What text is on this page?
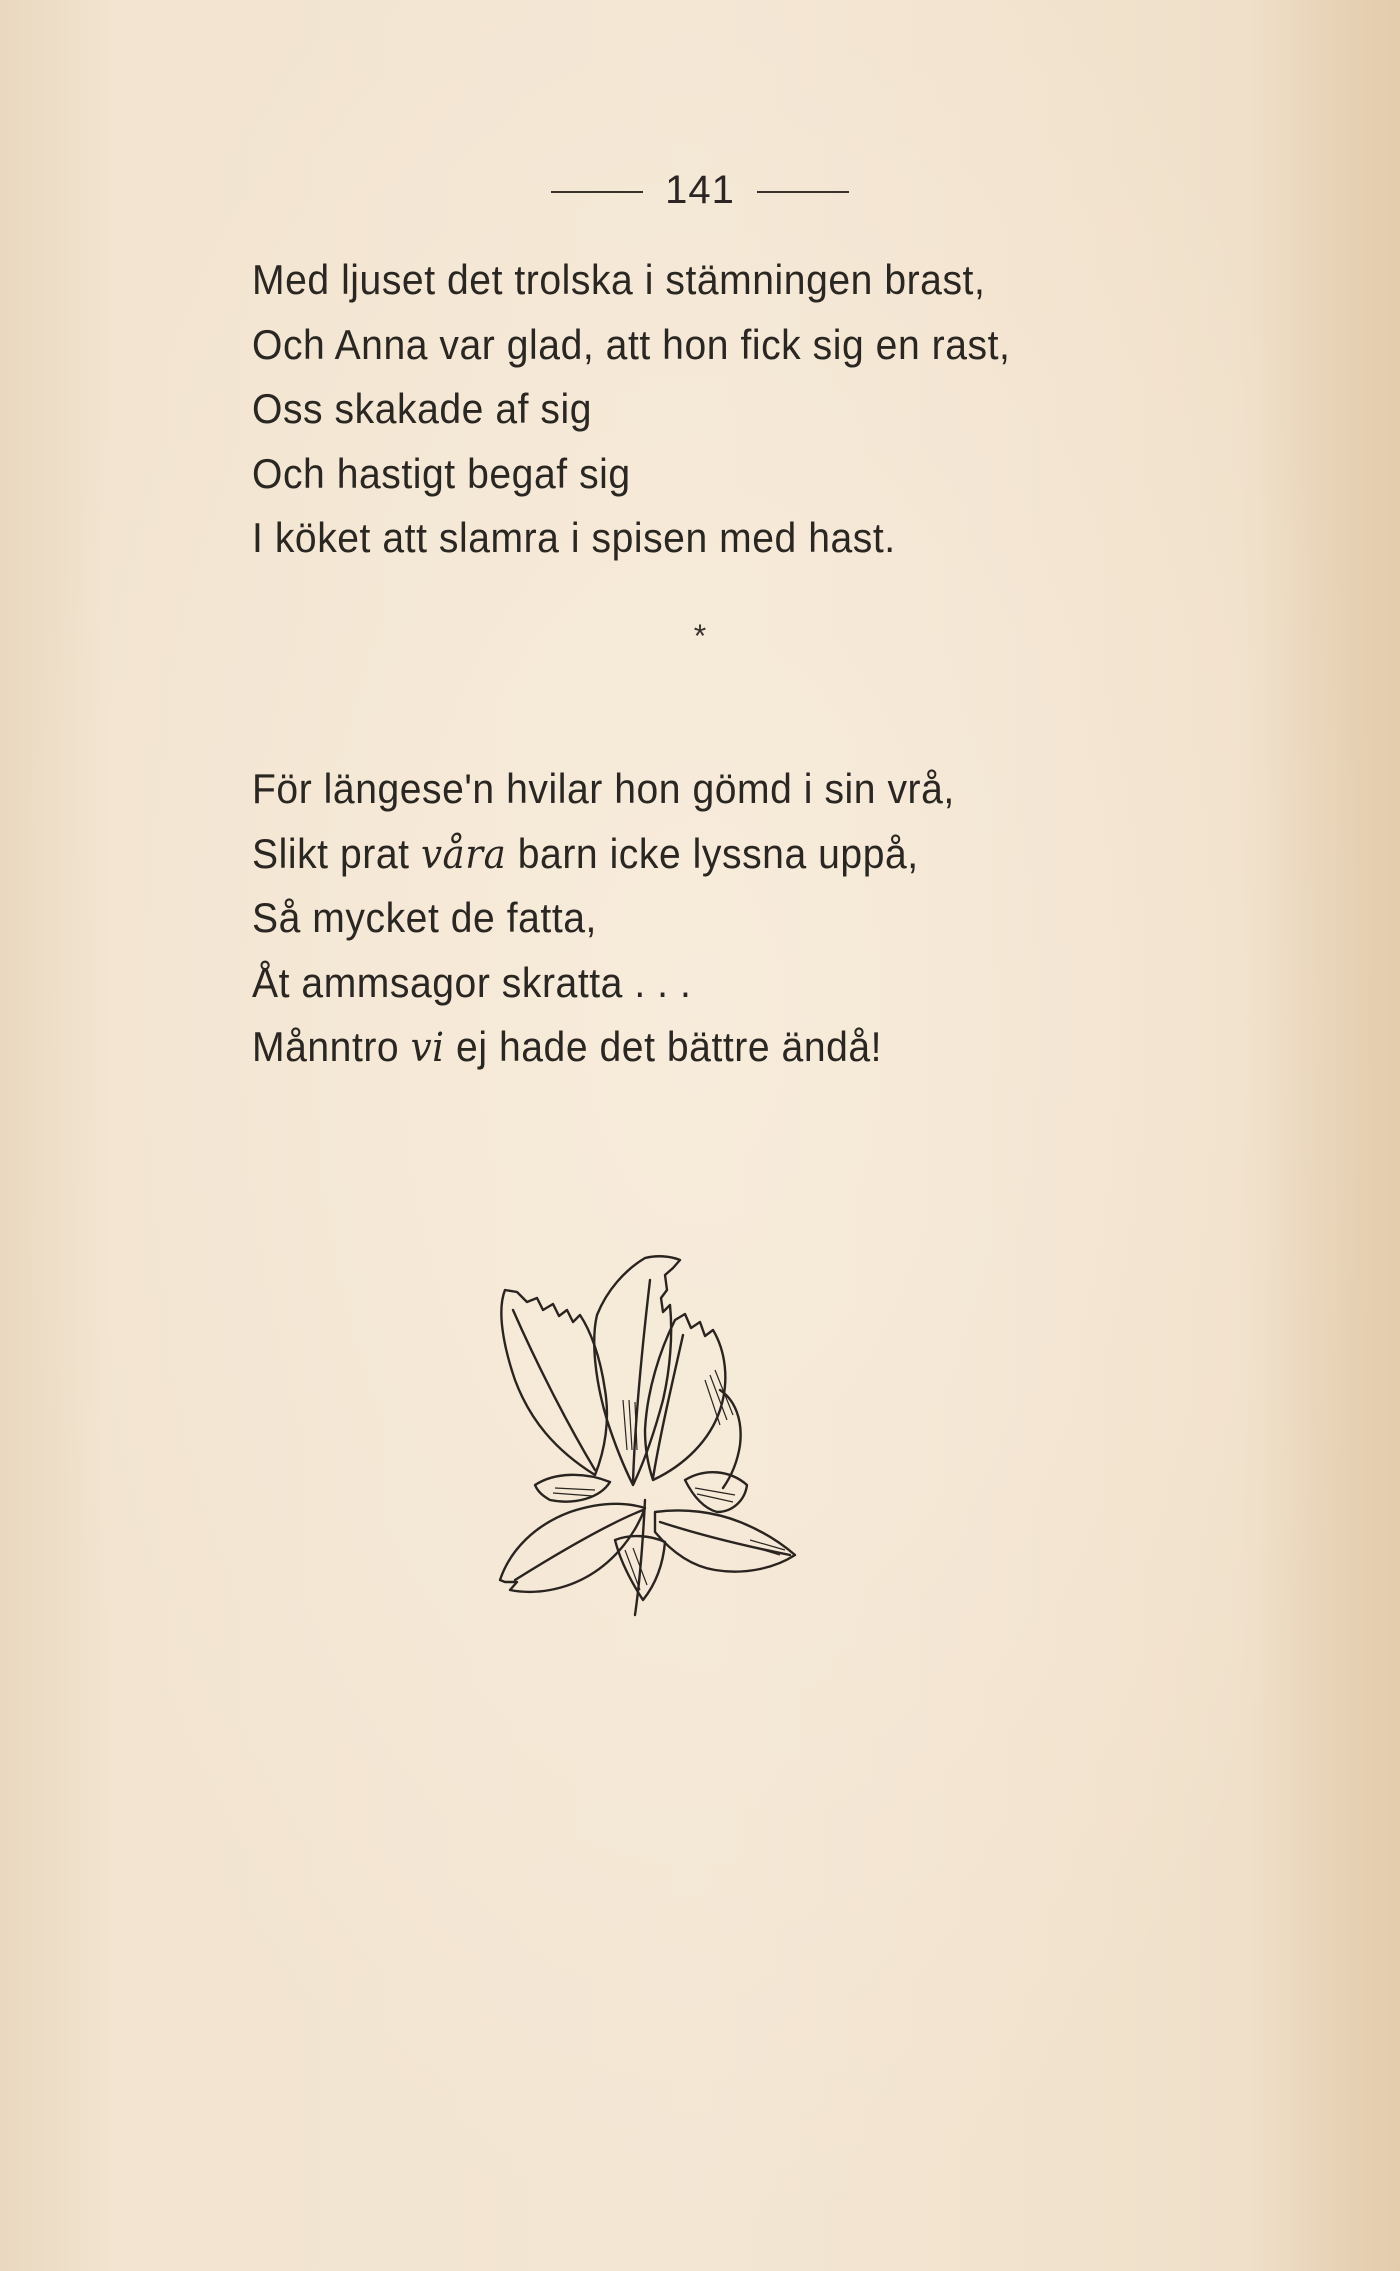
141
Med ljuset det trolska i stämningen brast,
Och Anna var glad, att hon fick sig en rast,
Oss skakade af sig
Och hastigt begaf sig
I köket att slamra i spisen med hast.
*
För längese'n hvilar hon gömd i sin vrå,
Slikt prat våra barn icke lyssna uppå,
Så mycket de fatta,
Åt ammsagor skratta . . .
Månntro vi ej hade det bättre ändå!
